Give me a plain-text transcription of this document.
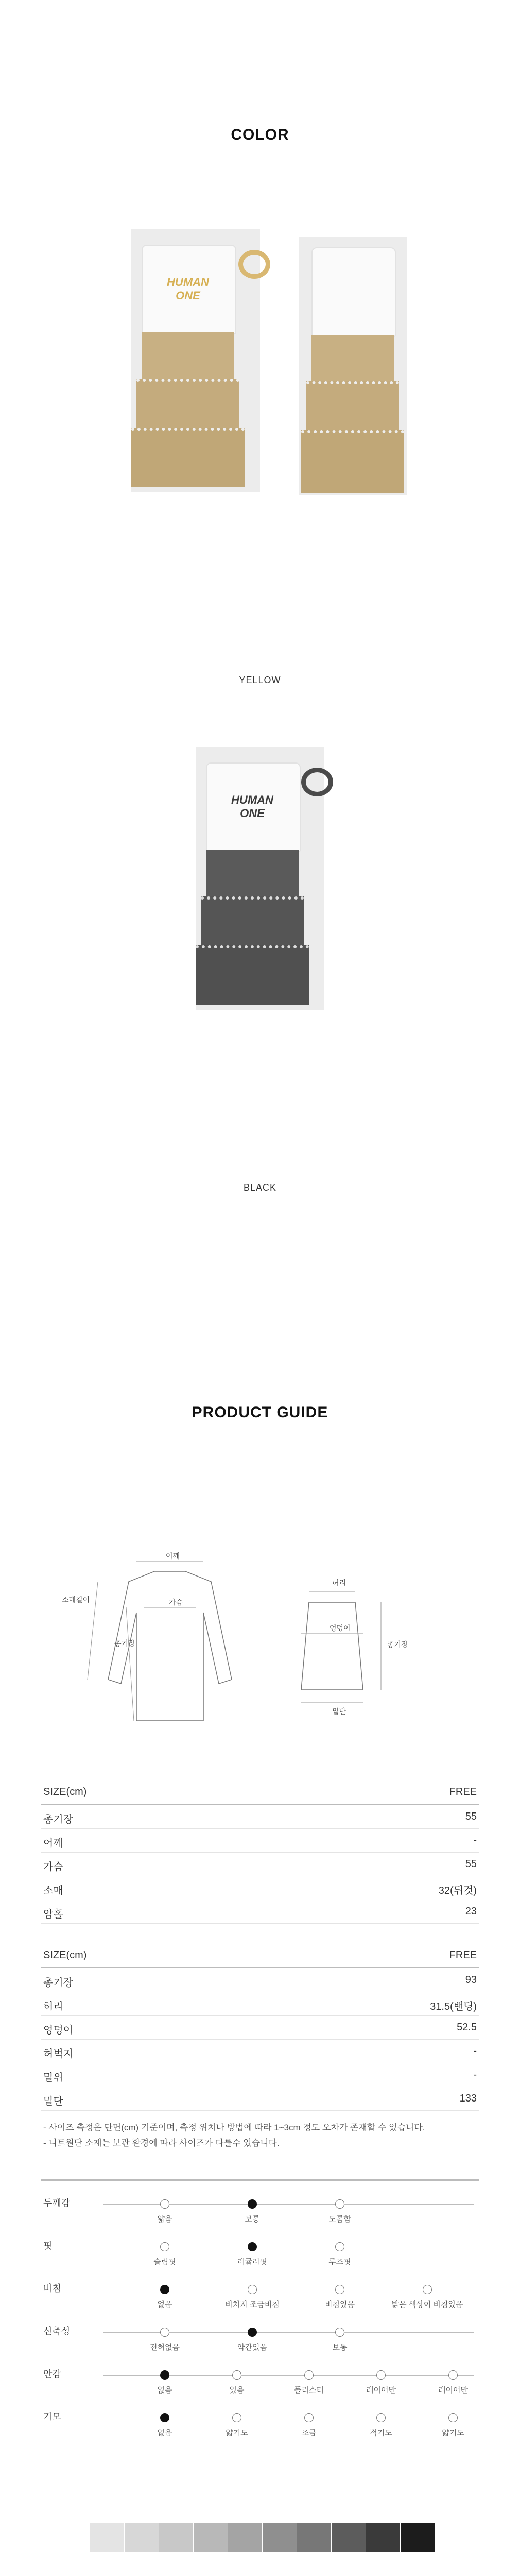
COLOR
HUMAN
ONE
YELLOW
HUMAN
ONE
BLACK
PRODUCT GUIDE
어깨
가슴
소매길이
총기장
허리
엉덩이
밑단
총기장
SIZE(cm)	FREE
총기장	55
어깨	-
가슴	55
소매	32(뒤것)
암홀	23
SIZE(cm)	FREE
총기장	93
허리	31.5(밴딩)
엉덩이	52.5
허벅지	-
밑위	-
밑단	133
- 사이즈 측정은 단면(cm) 기준이며, 측정 위치나 방법에 따라 1~3cm 정도 오차가 존재할 수 있습니다.
- 니트원단 소재는 보관 환경에 따라 사이즈가 다를수 있습니다.
두께감
얇음	보통	도톰함
핏
슬림핏	레귤러핏	루즈핏
비침
없음	비치지 조금비침	비침있음	밝은 색상이 비침있음
신축성
전혀없음	약간있음	보통
안감
없음	있음	폴리스터	레이어만	레이어만
기모
없음	얇기도	조금	적기도	얇기도
